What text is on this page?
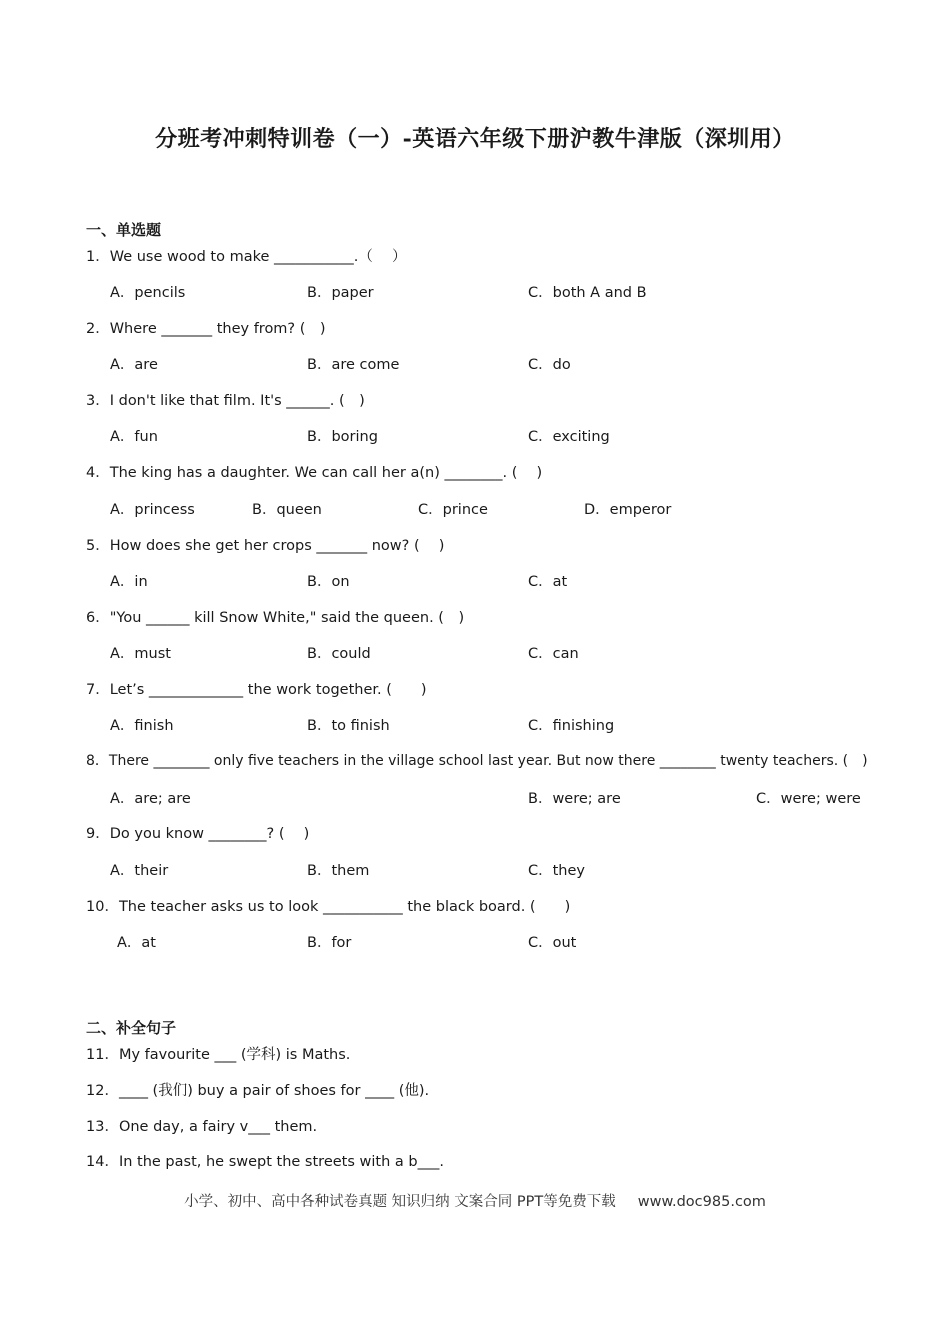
分班考冲刺特训卷（一）-英语六年级下册沪教牛津版（深圳用）
一、单选题
1．We use wood to make ___________.（　 ）
A．pencils	B．paper	C．both A and B
2．Where _______ they from? (　)
A．are	B．are come	C．do
3．I don't like that film. It's ______. (　)
A．fun	B．boring	C．exciting
4．The king has a daughter. We can call her a(n) ________. (　 )
A．princess	B．queen	C．prince	D．emperor
5．How does she get her crops _______ now? (　 )
A．in	B．on	C．at
6．"You ______ kill Snow White," said the queen. (　)
A．must	B．could	C．can
7．Let’s _____________ the work together. (　　)
A．finish	B．to finish	C．finishing
8．There ________ only five teachers in the village school last year. But now there ________ twenty teachers. (　)
A．are; are	B．were; are	C．were; were
9．Do you know ________? (　 )
A．their	B．them	C．they
10．The teacher asks us to look ___________ the black board. (　　)
A．at	B．for	C．out
二、补全句子
11．My favourite ___ (学科) is Maths.
12．____ (我们) buy a pair of shoes for ____ (他).
13．One day, a fairy v___ them.
14．In the past, he swept the streets with a b___.
小学、初中、高中各种试卷真题 知识归纳 文案合同 PPT等免费下载 www.doc985.com
